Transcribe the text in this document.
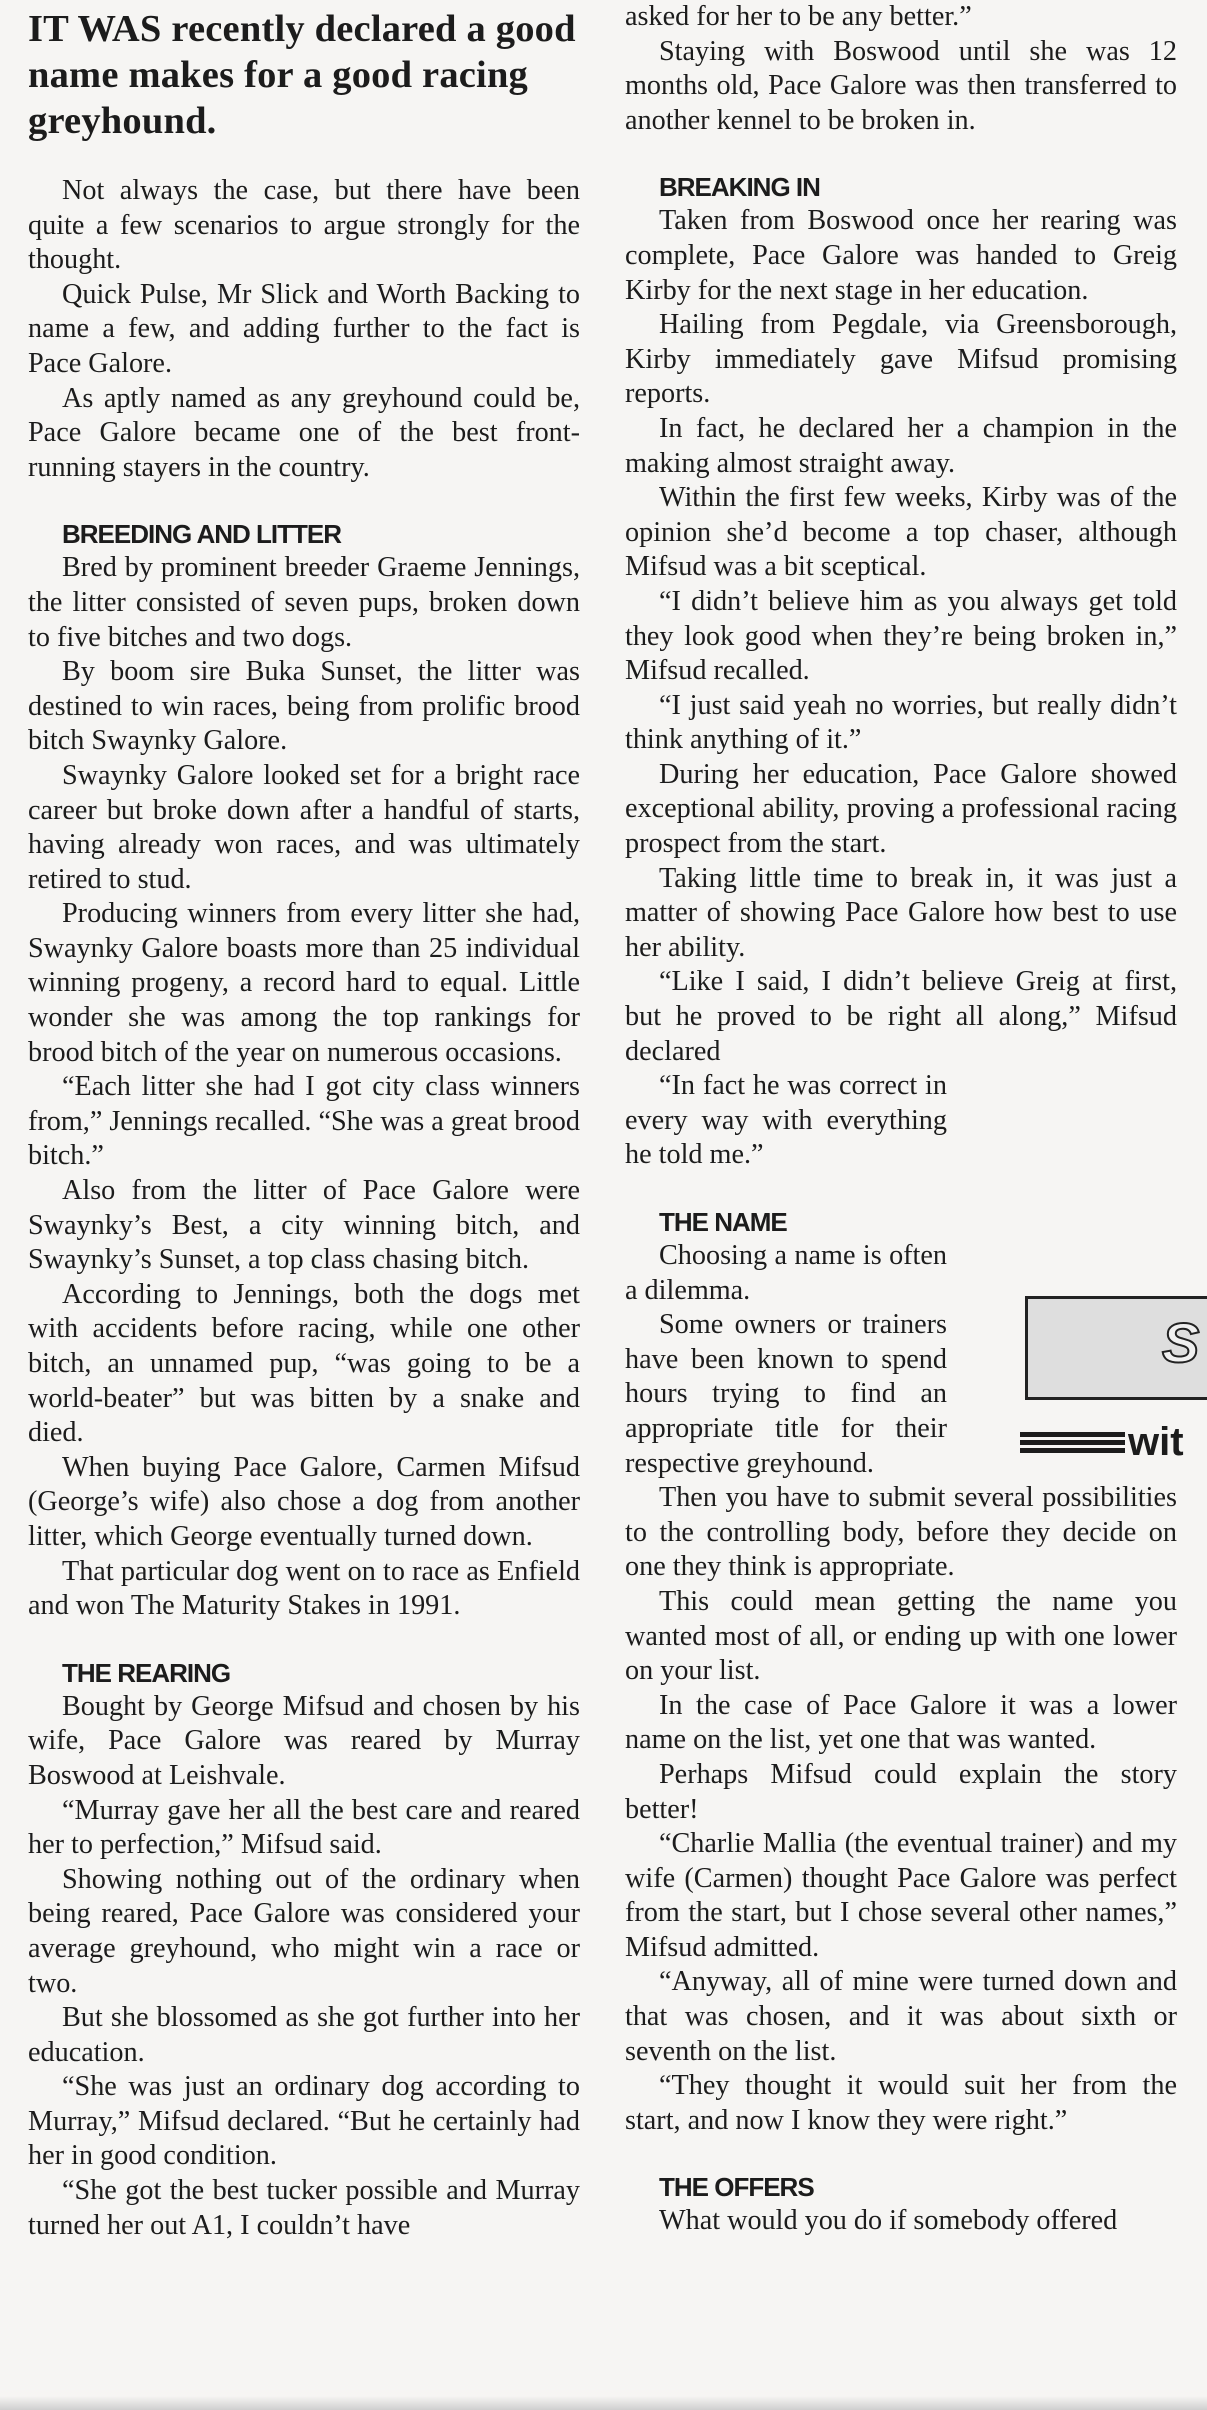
IT WAS recently declared a good name makes for a good racing greyhound.

Not always the case, but there have been quite a few scenarios to argue strongly for the thought.

Quick Pulse, Mr Slick and Worth Backing to name a few, and adding further to the fact is Pace Galore.

As aptly named as any greyhound could be, Pace Galore became one of the best front-running stayers in the country.

BREEDING AND LITTER

Bred by prominent breeder Graeme Jennings, the litter consisted of seven pups, broken down to five bitches and two dogs.

By boom sire Buka Sunset, the litter was destined to win races, being from prolific brood bitch Swaynky Galore.

Swaynky Galore looked set for a bright race career but broke down after a handful of starts, having already won races, and was ultimately retired to stud.

Producing winners from every litter she had, Swaynky Galore boasts more than 25 individual winning progeny, a record hard to equal. Little wonder she was among the top rankings for brood bitch of the year on numerous occasions.

“Each litter she had I got city class winners from,” Jennings recalled. “She was a great brood bitch.”

Also from the litter of Pace Galore were Swaynky’s Best, a city winning bitch, and Swaynky’s Sunset, a top class chasing bitch.

According to Jennings, both the dogs met with accidents before racing, while one other bitch, an unnamed pup, “was going to be a world-beater” but was bitten by a snake and died.

When buying Pace Galore, Carmen Mifsud (George’s wife) also chose a dog from another litter, which George eventually turned down.

That particular dog went on to race as Enfield and won The Maturity Stakes in 1991.

THE REARING

Bought by George Mifsud and chosen by his wife, Pace Galore was reared by Murray Boswood at Leishvale.

“Murray gave her all the best care and reared her to perfection,” Mifsud said.

Showing nothing out of the ordinary when being reared, Pace Galore was considered your average greyhound, who might win a race or two.

But she blossomed as she got further into her education.

“She was just an ordinary dog according to Murray,” Mifsud declared. “But he certainly had her in good condition.

“She got the best tucker possible and Murray turned her out A1, I couldn’t have

asked for her to be any better.”

Staying with Boswood until she was 12 months old, Pace Galore was then transferred to another kennel to be broken in.

BREAKING IN

Taken from Boswood once her rearing was complete, Pace Galore was handed to Greig Kirby for the next stage in her education.

Hailing from Pegdale, via Greensborough, Kirby immediately gave Mifsud promising reports.

In fact, he declared her a champion in the making almost straight away.

Within the first few weeks, Kirby was of the opinion she’d become a top chaser, although Mifsud was a bit sceptical.

“I didn’t believe him as you always get told they look good when they’re being broken in,” Mifsud recalled.

“I just said yeah no worries, but really didn’t think anything of it.”

During her education, Pace Galore showed exceptional ability, proving a professional racing prospect from the start.

Taking little time to break in, it was just a matter of showing Pace Galore how best to use her ability.

“Like I said, I didn’t believe Greig at first, but he proved to be right all along,” Mifsud declared

“In fact he was correct in every way with everything he told me.”

THE NAME

Choosing a name is often a dilemma.

Some owners or trainers have been known to spend hours trying to find an appropriate title for their respective greyhound.

Then you have to submit several possibilities to the controlling body, before they decide on one they think is appropriate.

This could mean getting the name you wanted most of all, or ending up with one lower on your list.

In the case of Pace Galore it was a lower name on the list, yet one that was wanted.

Perhaps Mifsud could explain the story better!

“Charlie Mallia (the eventual trainer) and my wife (Carmen) thought Pace Galore was perfect from the start, but I chose several other names,” Mifsud admitted.

“Anyway, all of mine were turned down and that was chosen, and it was about sixth or seventh on the list.

“They thought it would suit her from the start, and now I know they were right.”

THE OFFERS

What would you do if somebody offered

S
wit
